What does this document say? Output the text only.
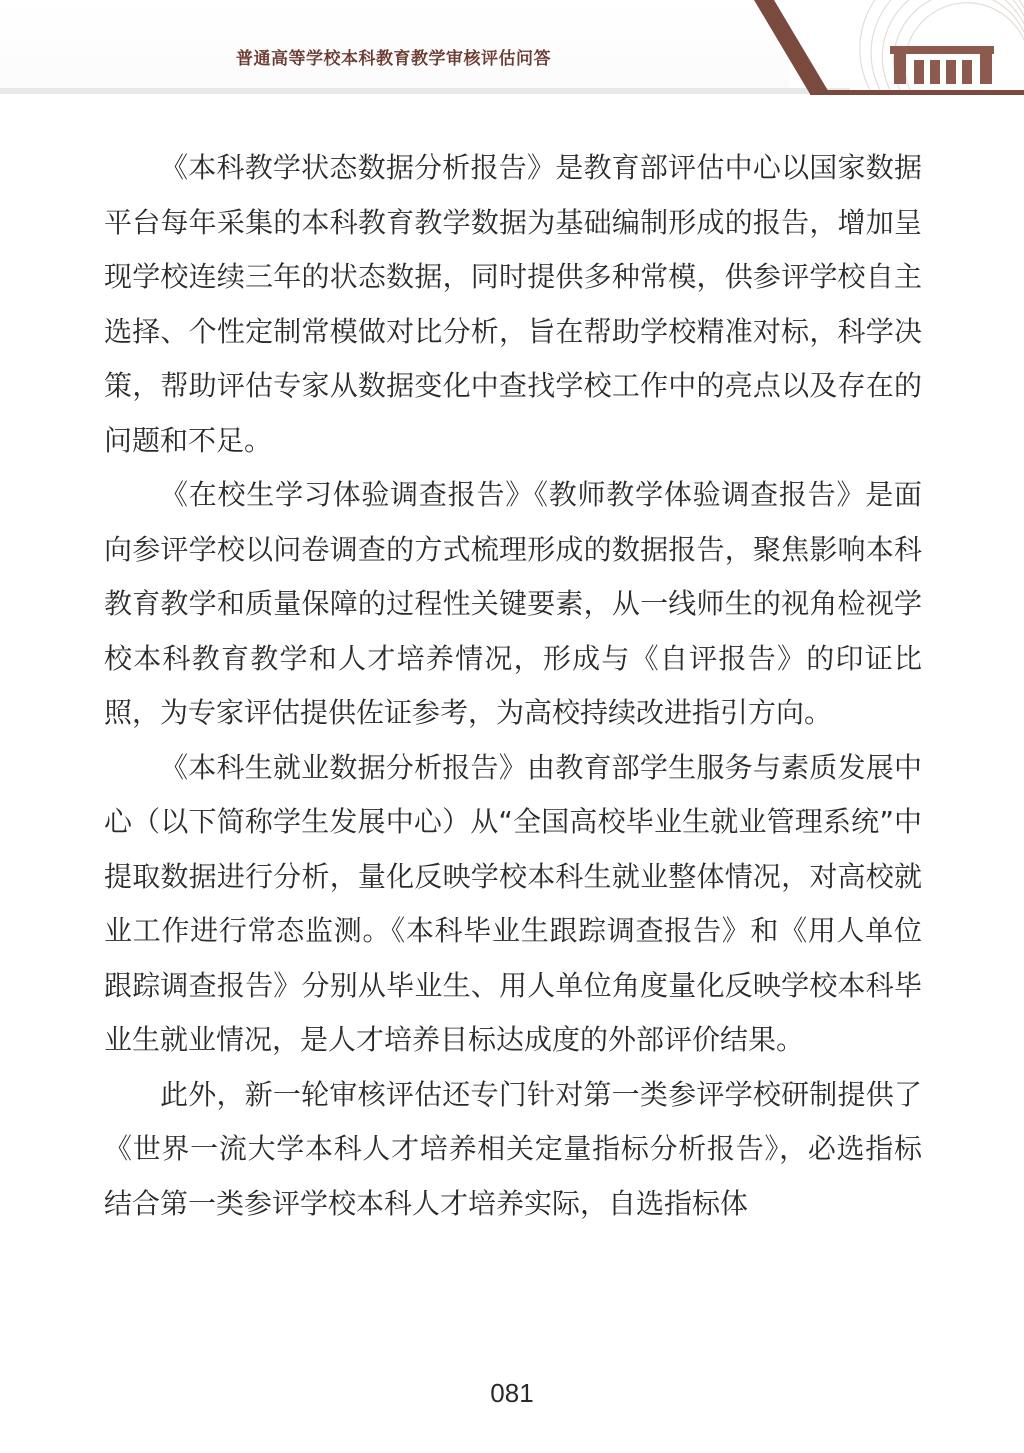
普通高等学校本科教育教学审核评估问答

《本科教学状态数据分析报告》是教育部评估中心以国家数据平台每年采集的本科教育教学数据为基础编制形成的报告，增加呈现学校连续三年的状态数据，同时提供多种常模，供参评学校自主选择、个性定制常模做对比分析，旨在帮助学校精准对标，科学决策，帮助评估专家从数据变化中查找学校工作中的亮点以及存在的问题和不足。

《在校生学习体验调查报告》《教师教学体验调查报告》是面向参评学校以问卷调查的方式梳理形成的数据报告，聚焦影响本科教育教学和质量保障的过程性关键要素，从一线师生的视角检视学校本科教育教学和人才培养情况，形成与《自评报告》的印证比照，为专家评估提供佐证参考，为高校持续改进指引方向。

《本科生就业数据分析报告》由教育部学生服务与素质发展中心（以下简称学生发展中心）从“全国高校毕业生就业管理系统”中提取数据进行分析，量化反映学校本科生就业整体情况，对高校就业工作进行常态监测。《本科毕业生跟踪调查报告》和《用人单位跟踪调查报告》分别从毕业生、用人单位角度量化反映学校本科毕业生就业情况，是人才培养目标达成度的外部评价结果。

此外，新一轮审核评估还专门针对第一类参评学校研制提供了《世界一流大学本科人才培养相关定量指标分析报告》，必选指标结合第一类参评学校本科人才培养实际，自选指标体

081
